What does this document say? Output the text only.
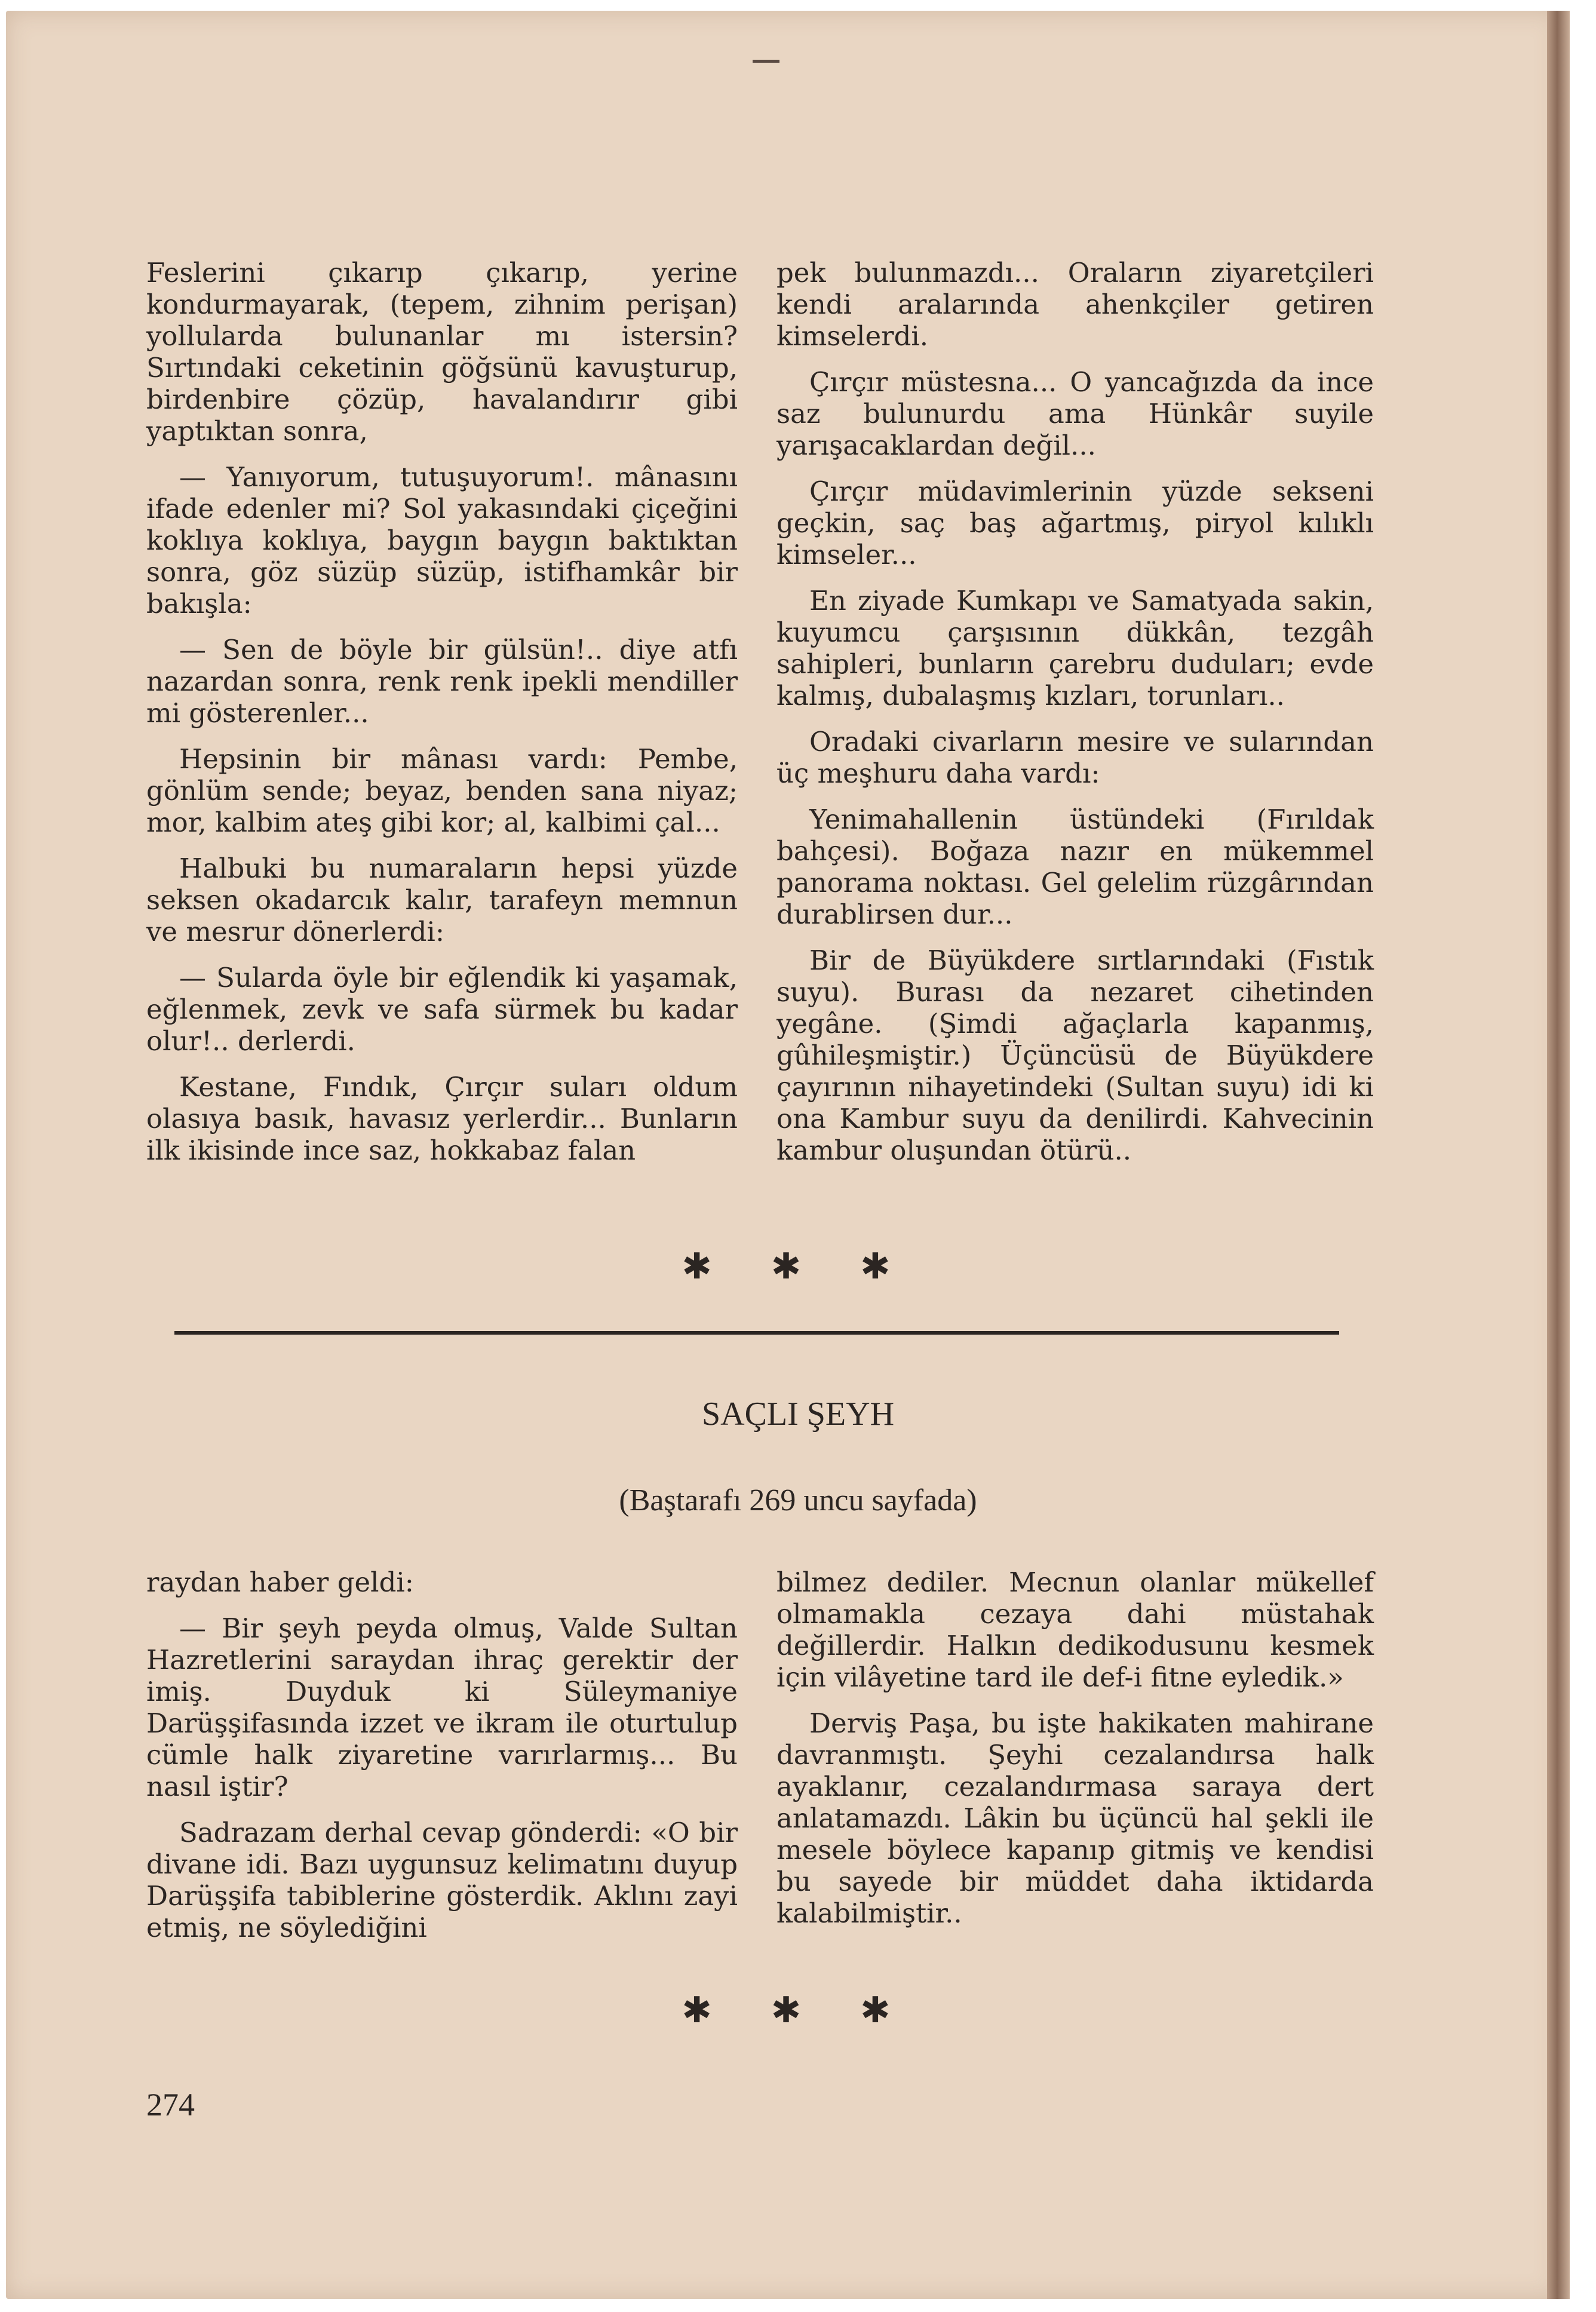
Feslerini çıkarıp çıkarıp, yerine kondurmayarak, (tepem, zihnim perişan) yollularda bulunanlar mı istersin? Sırtındaki ceketinin göğsünü kavuşturup, birdenbire çözüp, havalandırır gibi yaptıktan sonra,

— Yanıyorum, tutuşuyorum!. mânasını ifade edenler mi? Sol yakasındaki çiçeğini koklıya koklıya, baygın baygın baktıktan sonra, göz süzüp süzüp, istifhamkâr bir bakışla:

— Sen de böyle bir gülsün!.. diye atfı nazardan sonra, renk renk ipekli mendiller mi gösterenler...

Hepsinin bir mânası vardı: Pembe, gönlüm sende; beyaz, benden sana niyaz; mor, kalbim ateş gibi kor; al, kalbimi çal...

Halbuki bu numaraların hepsi yüzde seksen okadarcık kalır, tarafeyn memnun ve mesrur dönerlerdi:

— Sularda öyle bir eğlendik ki yaşamak, eğlenmek, zevk ve safa sürmek bu kadar olur!.. derlerdi.

Kestane, Fındık, Çırçır suları oldum olasıya basık, havasız yerlerdir... Bunların ilk ikisinde ince saz, hokkabaz falan

pek bulunmazdı... Oraların ziyaretçileri kendi aralarında ahenkçiler getiren kimselerdi.

Çırçır müstesna... O yancağızda da ince saz bulunurdu ama Hünkâr suyile yarışacaklardan değil...

Çırçır müdavimlerinin yüzde sekseni geçkin, saç baş ağartmış, piryol kılıklı kimseler...

En ziyade Kumkapı ve Samatyada sakin, kuyumcu çarşısının dükkân, tezgâh sahipleri, bunların çarebru duduları; evde kalmış, dubalaşmış kızları, torunları..

Oradaki civarların mesire ve sularından üç meşhuru daha vardı:

Yenimahallenin üstündeki (Fırıldak bahçesi). Boğaza nazır en mükemmel panorama noktası. Gel gelelim rüzgârından durablirsen dur...

Bir de Büyükdere sırtlarındaki (Fıstık suyu). Burası da nezaret cihetinden yegâne. (Şimdi ağaçlarla kapanmış, gûhileşmiştir.) Üçüncüsü de Büyükdere çayırının nihayetindeki (Sultan suyu) idi ki ona Kambur suyu da denilirdi. Kahvecinin kambur oluşundan ötürü..

✱ ✱ ✱
SAÇLI ŞEYH
(Baştarafı 269 uncu sayfada)

raydan haber geldi:

— Bir şeyh peyda olmuş, Valde Sultan Hazretlerini saraydan ihraç gerektir der imiş. Duyduk ki Süleymaniye Darüşşifasında izzet ve ikram ile oturtulup cümle halk ziyaretine varırlarmış... Bu nasıl iştir?

Sadrazam derhal cevap gönderdi: «O bir divane idi. Bazı uygunsuz kelimatını duyup Darüşşifa tabiblerine gösterdik. Aklını zayi etmiş, ne söylediğini

bilmez dediler. Mecnun olanlar mükellef olmamakla cezaya dahi müstahak değillerdir. Halkın dedikodusunu kesmek için vilâyetine tard ile def-i fitne eyledik.»

Derviş Paşa, bu işte hakikaten mahirane davranmıştı. Şeyhi cezalandırsa halk ayaklanır, cezalandırmasa saraya dert anlatamazdı. Lâkin bu üçüncü hal şekli ile mesele böylece kapanıp gitmiş ve kendisi bu sayede bir müddet daha iktidarda kalabilmiştir..

✱ ✱ ✱
274
